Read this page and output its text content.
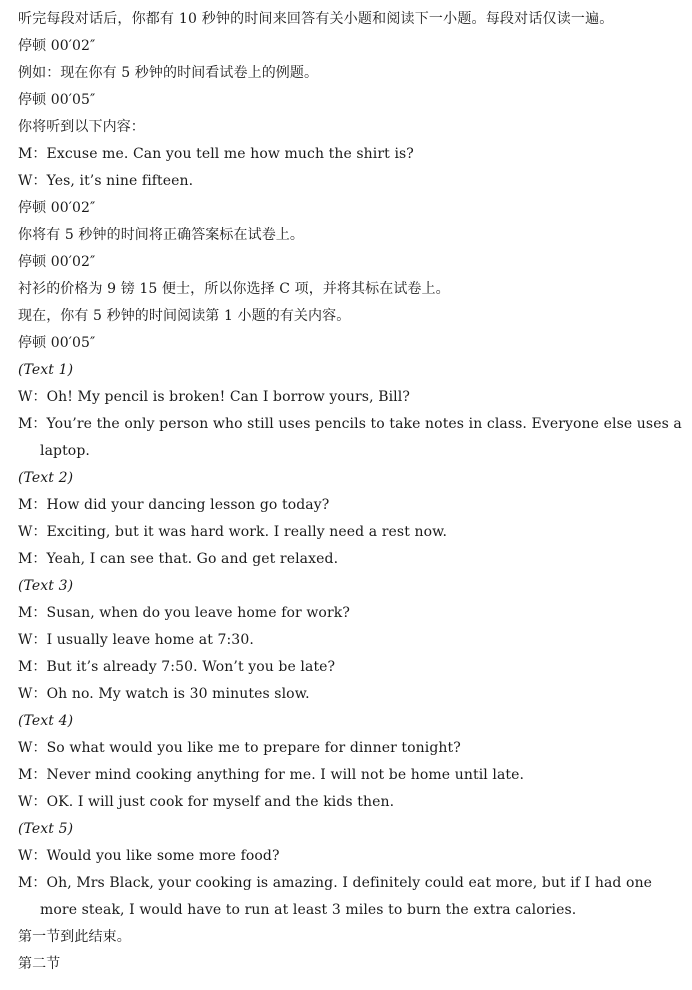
听完每段对话后，你都有 10 秒钟的时间来回答有关小题和阅读下一小题。每段对话仅读一遍。
停顿 00′02″
例如：现在你有 5 秒钟的时间看试卷上的例题。
停顿 00′05″
你将听到以下内容：
M：Excuse me. Can you tell me how much the shirt is?
W：Yes, it’s nine fifteen.
停顿 00′02″
你将有 5 秒钟的时间将正确答案标在试卷上。
停顿 00′02″
衬衫的价格为 9 镑 15 便士，所以你选择 C 项，并将其标在试卷上。
现在，你有 5 秒钟的时间阅读第 1 小题的有关内容。
停顿 00′05″
(Text 1)
W：Oh! My pencil is broken! Can I borrow yours, Bill?
M：You’re the only person who still uses pencils to take notes in class. Everyone else uses a laptop.
(Text 2)
M：How did your dancing lesson go today?
W：Exciting, but it was hard work. I really need a rest now.
M：Yeah, I can see that. Go and get relaxed.
(Text 3)
M：Susan, when do you leave home for work?
W：I usually leave home at 7:30.
M：But it’s already 7:50. Won’t you be late?
W：Oh no. My watch is 30 minutes slow.
(Text 4)
W：So what would you like me to prepare for dinner tonight?
M：Never mind cooking anything for me. I will not be home until late.
W：OK. I will just cook for myself and the kids then.
(Text 5)
W：Would you like some more food?
M：Oh, Mrs Black, your cooking is amazing. I definitely could eat more, but if I had one more steak, I would have to run at least 3 miles to burn the extra calories.
第一节到此结束。
第二节
